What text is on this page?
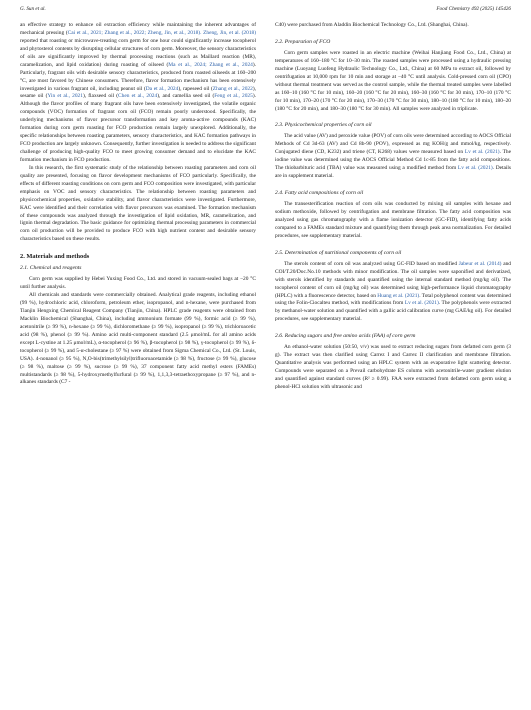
G. Sun et al.	Food Chemistry 492 (2025) 145426

an effective strategy to enhance oil extraction efficiency while maintaining the inherent advantages of mechanical pressing (Cai et al., 2021; Zhang et al., 2022; Zheng, Jin, et al., 2018). Zheng, Jin, et al. (2018) reported that roasting or microwave-treating corn germ for one hour could significantly increase tocopherol and phytosterol contents by disrupting cellular structures of corn germ. Moreover, the sensory characteristics of oils are significantly improved by thermal processing reactions (such as Maillard reaction (MR), caramelization, and lipid oxidation) during roasting of oilseed (Ma et al., 2024; Zhang et al., 2024). Particularly, fragrant oils with desirable sensory characteristics, produced from roasted oilseeds at 160–200 °C, are most favored by Chinese consumers. Therefore, flavor formation mechanism has been extensively investigated in various fragrant oil, including peanut oil (Da et al., 2024), rapeseed oil (Zhang et al., 2022), sesame oil (Yin et al., 2021), flaxseed oil (Chen et al., 2024), and camellia seed oil (Feng et al., 2025). Although the flavor profiles of many fragrant oils have been extensively investigated, the volatile organic compounds (VOC) formation of fragrant corn oil (FCO) remain poorly understood. Specifically, the underlying mechanisms of flavor precursor transformation and key aroma-active compounds (KAC) formation during corn germ roasting for FCO production remain largely unexplored. Additionally, the specific relationships between roasting parameters, sensory characteristics, and KAC formation pathways in FCO production are largely unknown. Consequently, further investigation is needed to address the significant challenge of producing high-quality FCO to meet growing consumer demand and to elucidate the KAC formation mechanism in FCO production.

In this research, the first systematic study of the relationship between roasting parameters and corn oil quality are presented, focusing on flavor development mechanisms of FCO particularly. Specifically, the effects of different roasting conditions on corn germ and FCO composition were investigated, with particular emphasis on VOC and sensory characteristics. The relationship between roasting parameters and physicochemical properties, oxidative stability, and flavor characteristics were investigated. Furthermore, KAC were identified and their correlation with flavor precursors was examined. The formation mechanism of these compounds was analyzed through the investigation of lipid oxidation, MR, caramelization, and lignin thermal degradation. The basic guidance for optimizing thermal processing parameters in commercial corn oil production will be provided to produce FCO with high nutrient content and desirable sensory characteristics based on these results.

2. Materials and methods
2.1. Chemical and reagents

Corn germ was supplied by Hebei Yuxing Food Co., Ltd. and stored in vacuum-sealed bags at −20 °C until further analysis.

All chemicals and standards were commercially obtained. Analytical grade reagents, including ethanol (99 %), hydrochloric acid, chloroform, petroleum ether, isopropanol, and n-hexane, were purchased from Tianjin Hengxing Chemical Reagent Company (Tianjin, China). HPLC grade reagents were obtained from Macklin Biochemical (Shanghai, China), including ammonium formate (99 %), formic acid (≥ 99 %), acetonitrile (≥ 99 %), n-hexane (≥ 99 %), dichloromethane (≥ 99 %), isopropanol (≥ 99 %), trichloroacetic acid (98 %), phenol (≥ 99 %). Amino acid multi-component standard (2.5 μmol/mL for all amino acids except L-cystine at 1.25 μmol/mL), α-tocopherol (≥ 96 %), β-tocopherol (≥ 98 %), γ-tocopherol (≥ 99 %), δ-tocopherol (≥ 99 %), and 5-α-cholestane (≥ 97 %) were obtained from Sigma Chemical Co., Ltd. (St. Louis, USA). 4-nonanol (≥ 95 %), N,O-bis(trimethylsilyl)trifluoroacetamide (≥ 98 %), fructose (≥ 99 %), glucose (≥ 98 %), maltose (≥ 99 %), sucrose (≥ 99 %), 37 component fatty acid methyl esters (FAMEs) multistandards (≥ 98 %), 5-hydroxymethylfurfural (≥ 99 %), 1,1,3,3-tetraethoxypropane (≥ 97 %), and n-alkanes standards (C7 -

C40) were purchased from Aladdin Biochemical Technology Co., Ltd. (Shanghai, China).

2.2. Preparation of FCO

Corn germ samples were roasted in an electric machine (Weihai Hanjiang Food Co., Ltd., China) at temperatures of 160–180 °C for 10–30 min. The roasted samples were processed using a hydraulic pressing machine (Luoyang Luofeng Hydraulic Technology Co., Ltd., China) at 60 MPa to extract oil, followed by centrifugation at 10,000 rpm for 10 min and storage at −40 °C until analysis. Cold-pressed corn oil (CPO) without thermal treatment was served as the control sample, while the thermal treated samples were labelled as 160–10 (160 °C for 10 min), 160–20 (160 °C for 20 min), 160–30 (160 °C for 30 min), 170–10 (170 °C for 10 min), 170–20 (170 °C for 20 min), 170–30 (170 °C for 30 min), 180–10 (180 °C for 10 min), 180–20 (180 °C for 20 min), and 180–30 (180 °C for 30 min). All samples were analyzed in triplicate.

2.3. Physicochemical properties of corn oil

The acid value (AV) and peroxide value (POV) of corn oils were determined according to AOCS Official Methods of Cd 3d-63 (AV) and Cd 8b-90 (POV), expressed as mg KOH/g and mmol/kg, respectively. Conjugated diene (CD, K232) and triene (CT, K268) values were measured based on Lv et al. (2021). The iodine value was determined using the AOCS Official Method Cd 1c-85 from the fatty acid compositions. The thiobarbituric acid (TBA) value was measured using a modified method from Lv et al. (2021). Details are in supplement material.

2.4. Fatty acid compositions of corn oil

The transesterification reaction of corn oils was conducted by mixing oil samples with hexane and sodium methoxide, followed by centrifugation and membrane filtration. The fatty acid composition was analyzed using gas chromatography with a flame ionization detector (GC-FID), identifying fatty acids compared to a FAMEs standard mixture and quantifying them through peak area normalization. For detailed procedures, see supplementary material.

2.5. Determination of nutritional components of corn oil

The sterols content of corn oil was analyzed using GC-FID based on modified Jabeur et al. (2014) and COI/T.20/Doc.No.10 methods with minor modification. The oil samples were saponified and derivatized, with sterols identified by standards and quantified using the internal standard method (mg/kg oil). The tocopherol content of corn oil (mg/kg oil) was determined using high-performance liquid chromatography (HPLC) with a fluorescence detector, based on Huang et al. (2021). Total polyphenol content was determined using the Folin-Ciocalteu method, with modifications from Lv et al. (2021). The polyphenols were extracted by methanol-water solution and quantified with a gallic acid calibration curve (mg GAE/kg oil). For detailed procedures, see supplementary material.

2.6. Reducing sugars and free amino acids (FAA) of corn germ

An ethanol-water solution (50:50, v/v) was used to extract reducing sugars from defatted corn germ (3 g). The extract was then clarified using Carrez I and Carrez II clarification and membrane filtration. Quantitative analysis was performed using an HPLC system with an evaporative light scattering detector. Compounds were separated on a Prevail carbohydrate ES column with acetonitrile-water gradient elution and quantified against standard curves (R² ≥ 0.99). FAA were extracted from defatted corn germ using a phenol-HCl solution with ultrasonic and
